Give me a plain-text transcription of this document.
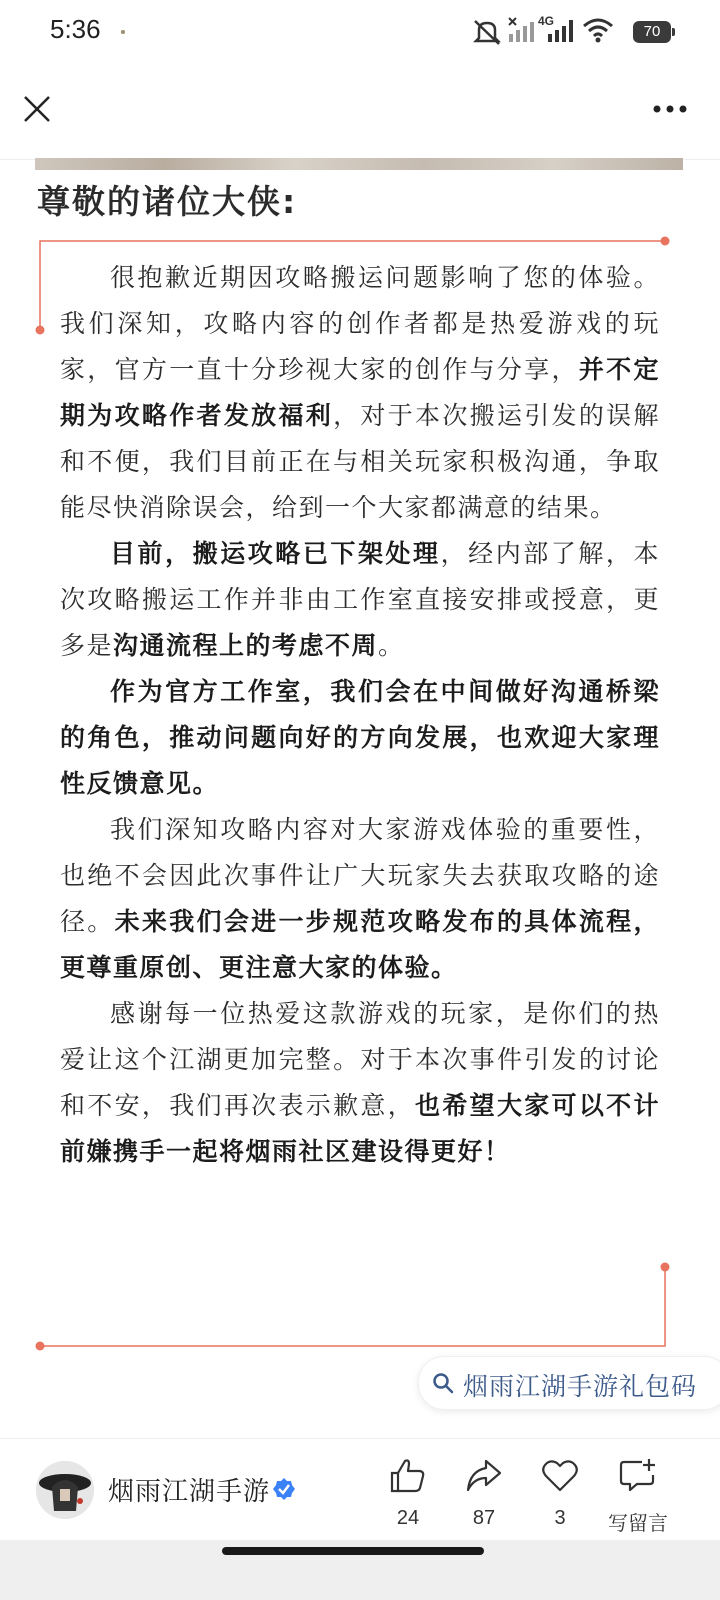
5:36	4G
70
尊敬的诸位大侠:

很抱歉近期因攻略搬运问题影响了您的体验。我们深知，攻略内容的创作者都是热爱游戏的玩家，官方一直十分珍视大家的创作与分享，并不定期为攻略作者发放福利，对于本次搬运引发的误解和不便，我们目前正在与相关玩家积极沟通，争取能尽快消除误会，给到一个大家都满意的结果。

目前，搬运攻略已下架处理，经内部了解，本次攻略搬运工作并非由工作室直接安排或授意，更多是沟通流程上的考虑不周。

作为官方工作室，我们会在中间做好沟通桥梁的角色，推动问题向好的方向发展，也欢迎大家理性反馈意见。

我们深知攻略内容对大家游戏体验的重要性，也绝不会因此次事件让广大玩家失去获取攻略的途径。未来我们会进一步规范攻略发布的具体流程，更尊重原创、更注意大家的体验。

感谢每一位热爱这款游戏的玩家，是你们的热爱让这个江湖更加完整。对于本次事件引发的讨论和不安，我们再次表示歉意，也希望大家可以不计前嫌携手一起将烟雨社区建设得更好！

烟雨江湖手游礼包码
烟雨江湖手游
24	87	3	写留言
